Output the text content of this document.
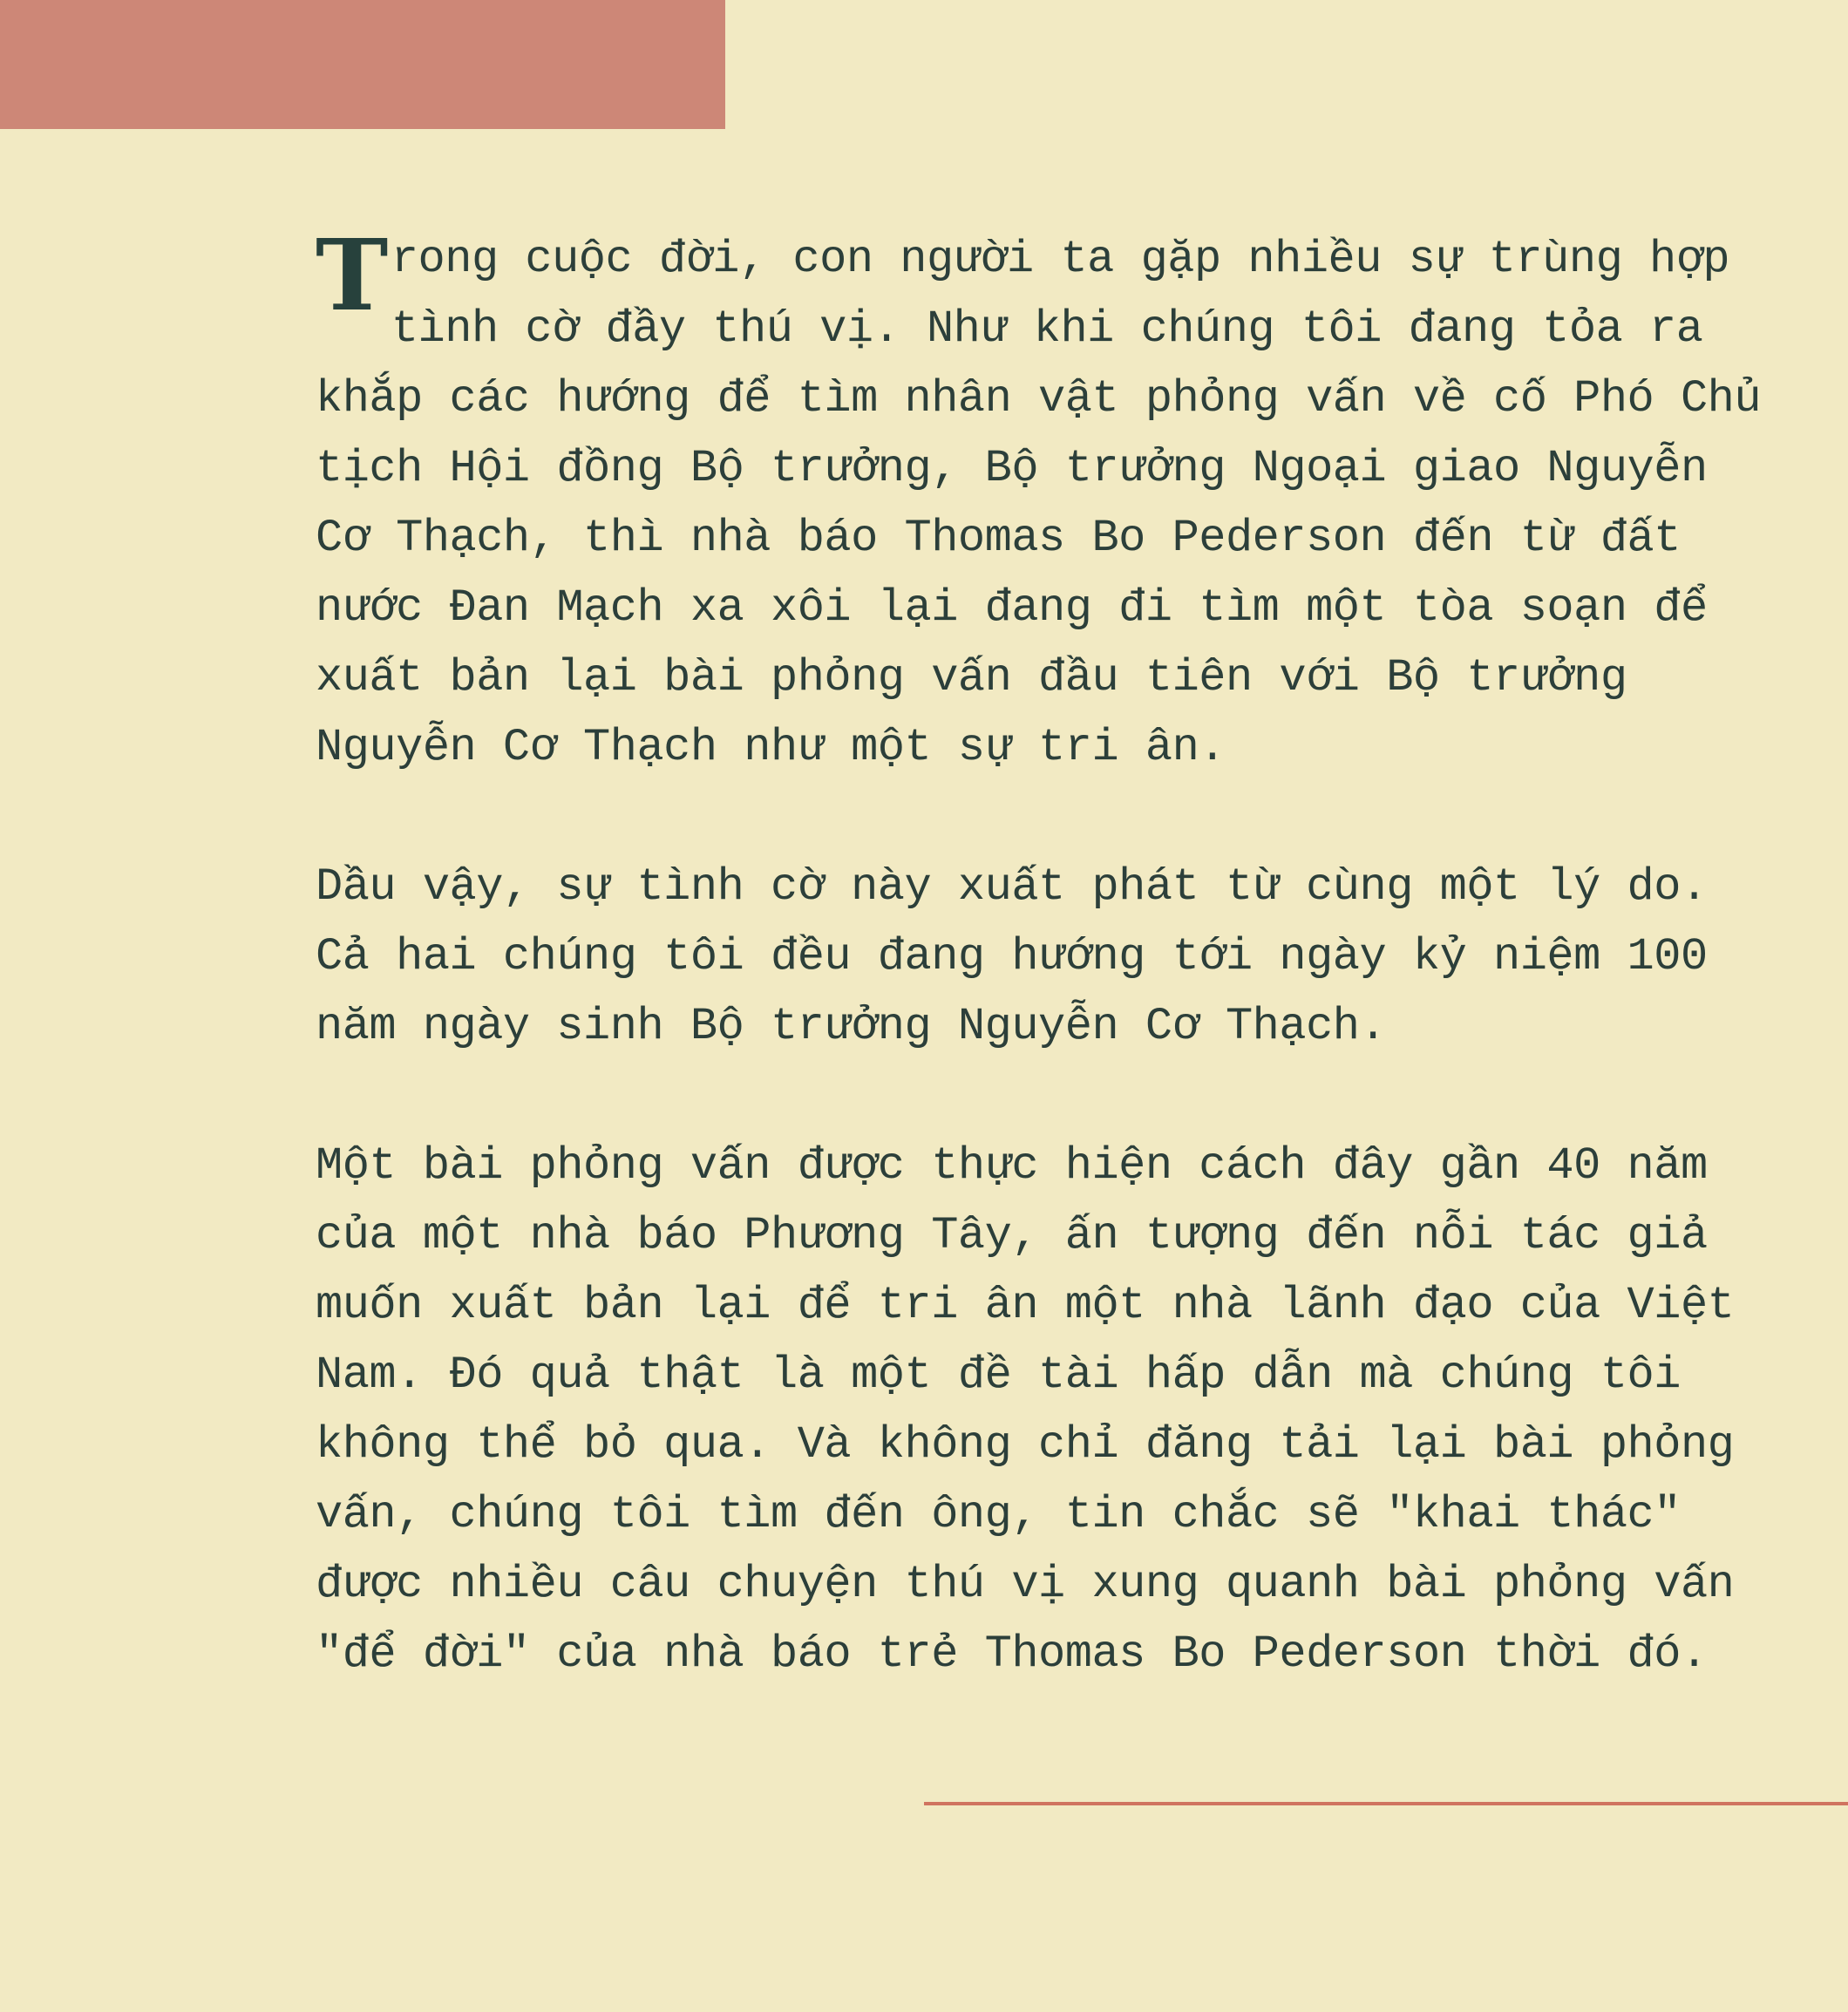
Trong cuộc đời, con người ta gặp nhiều sự trùng hợp tình cờ đầy thú vị. Như khi chúng tôi đang tỏa ra khắp các hướng để tìm nhân vật phỏng vấn về cố Phó Chủ tịch Hội đồng Bộ trưởng, Bộ trưởng Ngoại giao Nguyễn Cơ Thạch, thì nhà báo Thomas Bo Pederson đến từ đất nước Đan Mạch xa xôi lại đang đi tìm một tòa soạn để xuất bản lại bài phỏng vấn đầu tiên với Bộ trưởng Nguyễn Cơ Thạch như một sự tri ân.

Dầu vậy, sự tình cờ này xuất phát từ cùng một lý do. Cả hai chúng tôi đều đang hướng tới ngày kỷ niệm 100 năm ngày sinh Bộ trưởng Nguyễn Cơ Thạch.

Một bài phỏng vấn được thực hiện cách đây gần 40 năm của một nhà báo Phương Tây, ấn tượng đến nỗi tác giả muốn xuất bản lại để tri ân một nhà lãnh đạo của Việt Nam. Đó quả thật là một đề tài hấp dẫn mà chúng tôi không thể bỏ qua. Và không chỉ đăng tải lại bài phỏng vấn, chúng tôi tìm đến ông, tin chắc sẽ "khai thác" được nhiều câu chuyện thú vị xung quanh bài phỏng vấn "để đời" của nhà báo trẻ Thomas Bo Pederson thời đó.
